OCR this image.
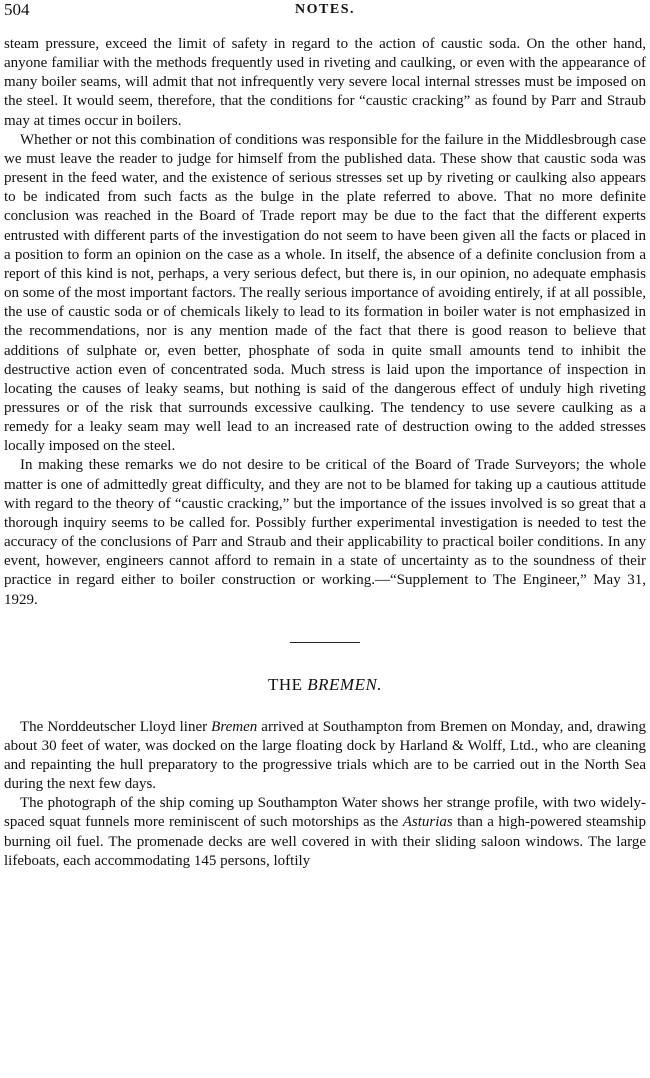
504	NOTES.

steam pressure, exceed the limit of safety in regard to the action of caustic soda. On the other hand, anyone familiar with the methods frequently used in riveting and caulking, or even with the appearance of many boiler seams, will admit that not infrequently very severe local internal stresses must be imposed on the steel. It would seem, therefore, that the conditions for “caustic cracking” as found by Parr and Straub may at times occur in boilers.

Whether or not this combination of conditions was responsible for the failure in the Middlesbrough case we must leave the reader to judge for himself from the published data. These show that caustic soda was present in the feed water, and the existence of serious stresses set up by riveting or caulking also appears to be indicated from such facts as the bulge in the plate referred to above. That no more definite conclusion was reached in the Board of Trade report may be due to the fact that the different experts entrusted with different parts of the investigation do not seem to have been given all the facts or placed in a position to form an opinion on the case as a whole. In itself, the absence of a definite conclusion from a report of this kind is not, perhaps, a very serious defect, but there is, in our opinion, no adequate emphasis on some of the most important factors. The really serious importance of avoiding entirely, if at all possible, the use of caustic soda or of chemicals likely to lead to its formation in boiler water is not emphasized in the recommendations, nor is any mention made of the fact that there is good reason to believe that additions of sulphate or, even better, phosphate of soda in quite small amounts tend to inhibit the destructive action even of concentrated soda. Much stress is laid upon the importance of inspection in locating the causes of leaky seams, but nothing is said of the dangerous effect of unduly high riveting pressures or of the risk that surrounds excessive caulking. The tendency to use severe caulking as a remedy for a leaky seam may well lead to an increased rate of destruction owing to the added stresses locally imposed on the steel.

In making these remarks we do not desire to be critical of the Board of Trade Surveyors; the whole matter is one of admittedly great difficulty, and they are not to be blamed for taking up a cautious attitude with regard to the theory of “caustic cracking,” but the importance of the issues involved is so great that a thorough inquiry seems to be called for. Possibly further experimental investigation is needed to test the accuracy of the conclusions of Parr and Straub and their applicability to practical boiler conditions. In any event, however, engineers cannot afford to remain in a state of uncertainty as to the soundness of their practice in regard either to boiler construction or working.—“Supplement to The Engineer,” May 31, 1929.

THE BREMEN.

The Norddeutscher Lloyd liner Bremen arrived at Southampton from Bremen on Monday, and, drawing about 30 feet of water, was docked on the large floating dock by Harland & Wolff, Ltd., who are cleaning and repainting the hull preparatory to the progressive trials which are to be carried out in the North Sea during the next few days.

The photograph of the ship coming up Southampton Water shows her strange profile, with two widely-spaced squat funnels more reminiscent of such motorships as the Asturias than a high-powered steamship burning oil fuel. The promenade decks are well covered in with their sliding saloon windows. The large lifeboats, each accommodating 145 persons, loftily
